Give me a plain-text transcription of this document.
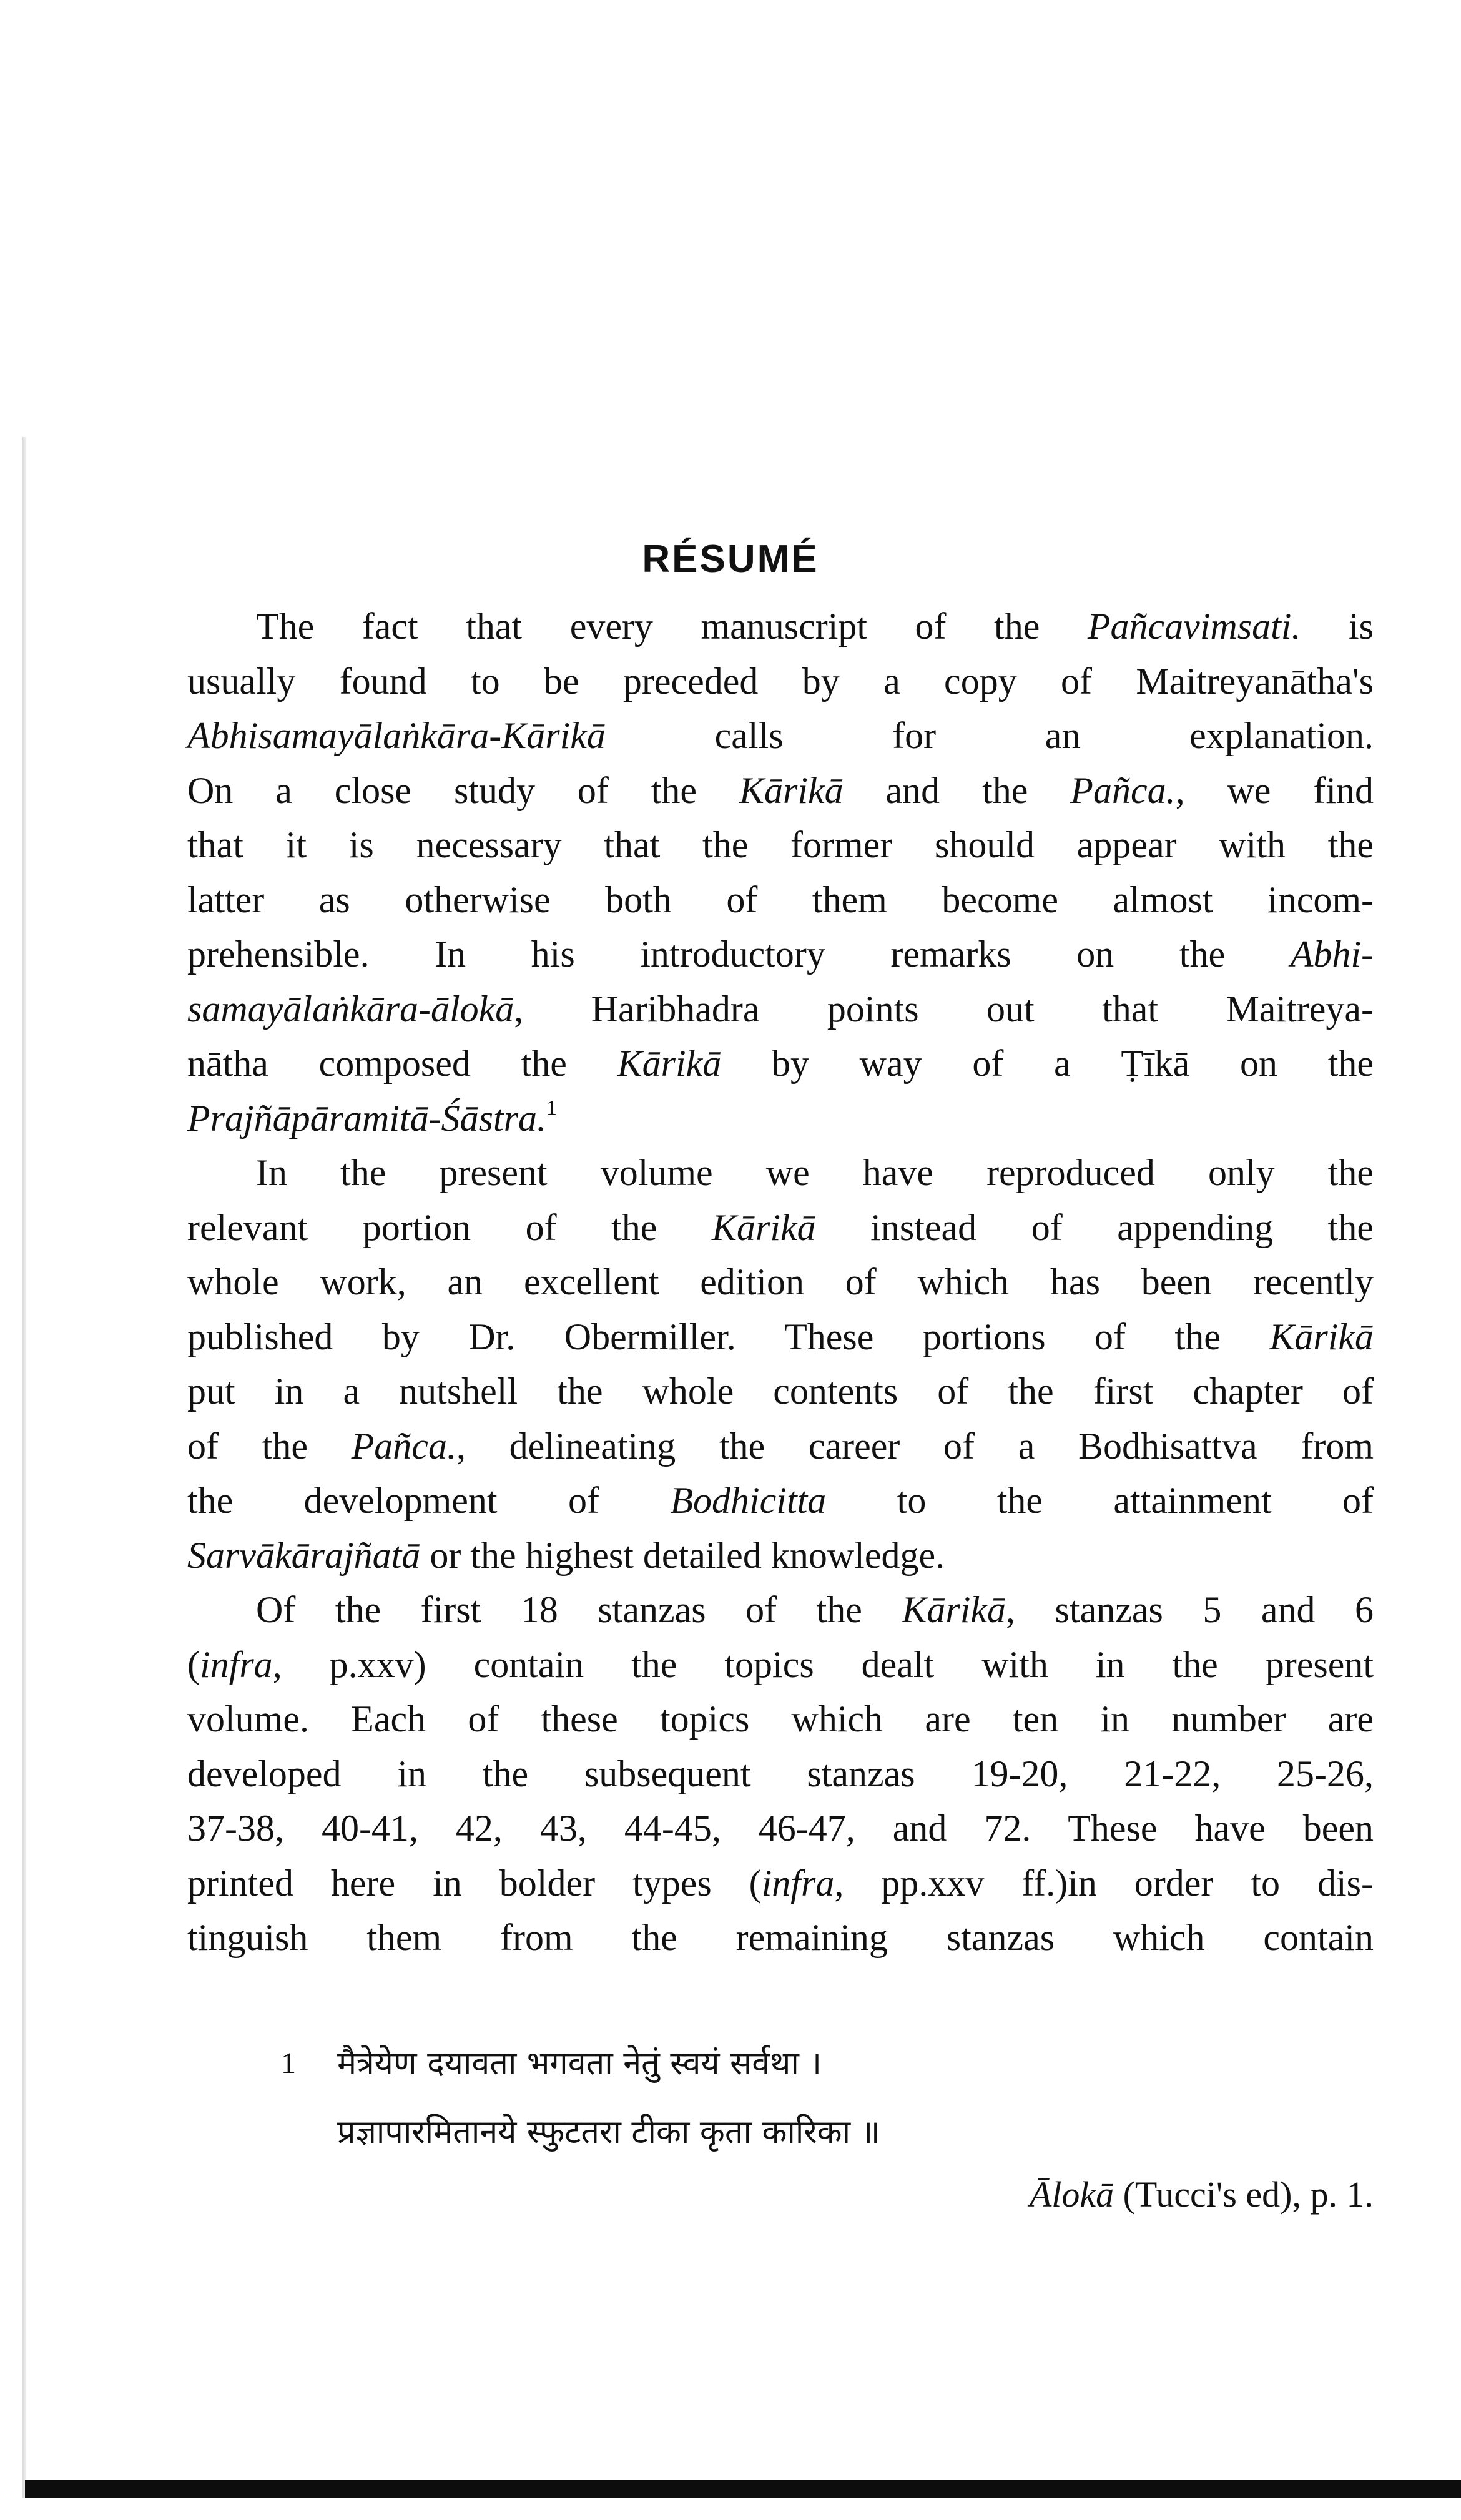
RÉSUMÉ
The fact that every manuscript of the Pañcavimsati. is
usually found to be preceded by a copy of Maitreyanātha's
Abhisamayālaṅkāra-Kārikā calls for an explanation.
On a close study of the Kārikā and the Pañca., we find
that it is necessary that the former should appear with the
latter as otherwise both of them become almost incom-
prehensible. In his introductory remarks on the Abhi-
samayālaṅkāra-ālokā, Haribhadra points out that Maitreya-
nātha composed the Kārikā by way of a Ṭīkā on the
Prajñāpāramitā-Śāstra.$^1$
In the present volume we have reproduced only the
relevant portion of the Kārikā instead of appending the
whole work, an excellent edition of which has been recently
published by Dr. Obermiller. These portions of the Kārikā
put in a nutshell the whole contents of the first chapter of
of the Pañca., delineating the career of a Bodhisattva from
the development of Bodhicitta to the attainment of
Sarvākārajñatā or the highest detailed knowledge.
Of the first 18 stanzas of the Kārikā, stanzas 5 and 6
(infra, p.xxv) contain the topics dealt with in the present
volume. Each of these topics which are ten in number are
developed in the subsequent stanzas 19-20, 21-22, 25-26,
37-38, 40-41, 42, 43, 44-45, 46-47, and 72. These have been
printed here in bolder types (infra, pp.xxv ff.)in order to dis-
tinguish them from the remaining stanzas which contain
1 मैत्रेयेण दयावता भगवता नेतुं स्वयं सर्वथा ।
प्रज्ञापारमितानये स्फुटतरा टीका कृता कारिका ॥
Ālokā (Tucci's ed), p. 1.
